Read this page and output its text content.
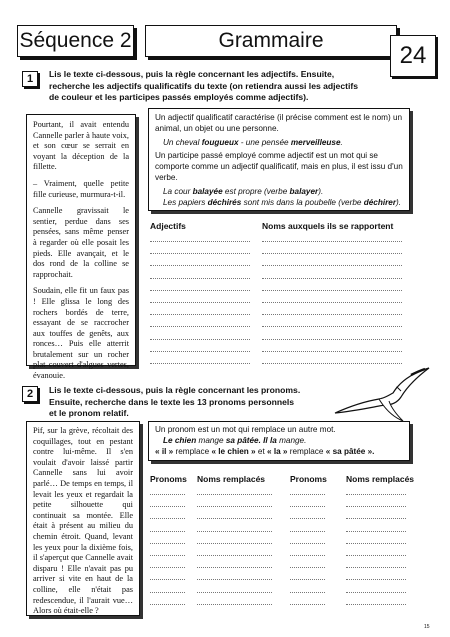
Séquence 2	Grammaire
24
1 Lis le texte ci-dessous, puis la règle concernant les adjectifs. Ensuite,
recherche les adjectifs qualificatifs du texte (on retiendra aussi les adjectifs
de couleur et les participes passés employés comme adjectifs).

Pourtant, il avait entendu Cannelle parler à haute voix, et son cœur se serrait en voyant la déception de la fillette.

– Vraiment, quelle petite fille curieuse, murmura-t-il.

Cannelle gravissait le sentier, perdue dans ses pensées, sans même penser à regarder où elle posait les pieds. Elle avançait, et le dos rond de la colline se rapprochait.

Soudain, elle fit un faux pas ! Elle glissa le long des rochers bordés de terre, essayant de se raccrocher aux touffes de genêts, aux ronces… Puis elle atterrit brutalement sur un rocher plat couvert d'algues vertes, évanouie.

Un adjectif qualificatif caractérise (il précise comment est le nom) un animal, un objet ou une personne.

Un cheval fougueux - une pensée merveilleuse.

Un participe passé employé comme adjectif est un mot qui se comporte comme un adjectif qualificatif, mais en plus, il est issu d'un verbe.

La cour balayée est propre (verbe balayer).
Les papiers déchirés sont mis dans la poubelle (verbe déchirer).
Adjectifs	Noms auxquels ils se rapportent
2 Lis le texte ci-dessous, puis la règle concernant les pronoms.
Ensuite, recherche dans le texte les 13 pronoms personnels
et le pronom relatif.

Pif, sur la grève, récoltait des coquillages, tout en pestant contre lui-même. Il s'en voulait d'avoir laissé partir Cannelle sans lui avoir parlé… De temps en temps, il levait les yeux et regardait la petite silhouette qui continuait sa montée. Elle était à présent au milieu du chemin étroit. Quand, levant les yeux pour la dixième fois, il s'aperçut que Cannelle avait disparu ! Elle n'avait pas pu arriver si vite en haut de la colline, elle n'était pas redescendue, il l'aurait vue… Alors où était-elle ?

Un pronom est un mot qui remplace un autre mot.
Le chien mange sa pâtée. Il la mange.
« il » remplace « le chien » et « la » remplace « sa pâtée ».
Pronoms Noms remplacés	Pronoms Noms remplacés
15
